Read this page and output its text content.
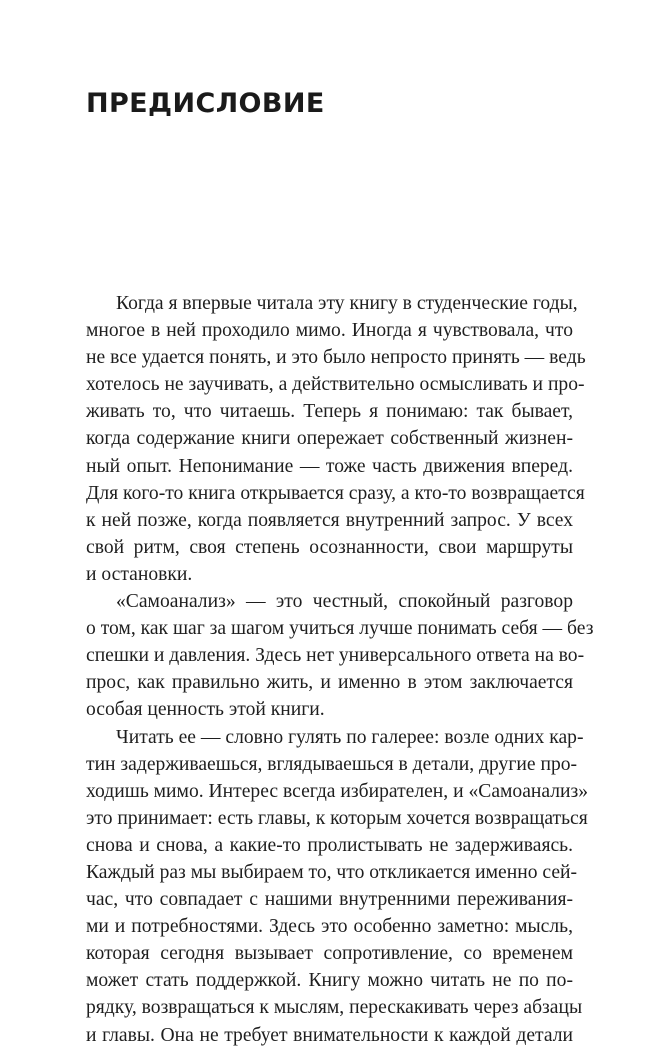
ПРЕДИСЛОВИЕ

Когда я впервые читала эту книгу в студенческие годы,
многое в ней проходило мимо. Иногда я чувствовала, что
не все удается понять, и это было непросто принять — ведь
хотелось не заучивать, а действительно осмысливать и про-
живать то, что читаешь. Теперь я понимаю: так бывает,
когда содержание книги опережает собственный жизнен-
ный опыт. Непонимание — тоже часть движения вперед.
Для кого-то книга открывается сразу, а кто-то возвращается
к ней позже, когда появляется внутренний запрос. У всех
свой ритм, своя степень осознанности, свои маршруты
и остановки.

«Самоанализ» — это честный, спокойный разговор
о том, как шаг за шагом учиться лучше понимать себя — без
спешки и давления. Здесь нет универсального ответа на во-
прос, как правильно жить, и именно в этом заключается
особая ценность этой книги.

Читать ее — словно гулять по галерее: возле одних кар-
тин задерживаешься, вглядываешься в детали, другие про-
ходишь мимо. Интерес всегда избирателен, и «Самоанализ»
это принимает: есть главы, к которым хочется возвращаться
снова и снова, а какие-то пролистывать не задерживаясь.
Каждый раз мы выбираем то, что откликается именно сей-
час, что совпадает с нашими внутренними переживания-
ми и потребностями. Здесь это особенно заметно: мысль,
которая сегодня вызывает сопротивление, со временем
может стать поддержкой. Книгу можно читать не по по-
рядку, возвращаться к мыслям, перескакивать через абзацы
и главы. Она не требует внимательности к каждой детали
